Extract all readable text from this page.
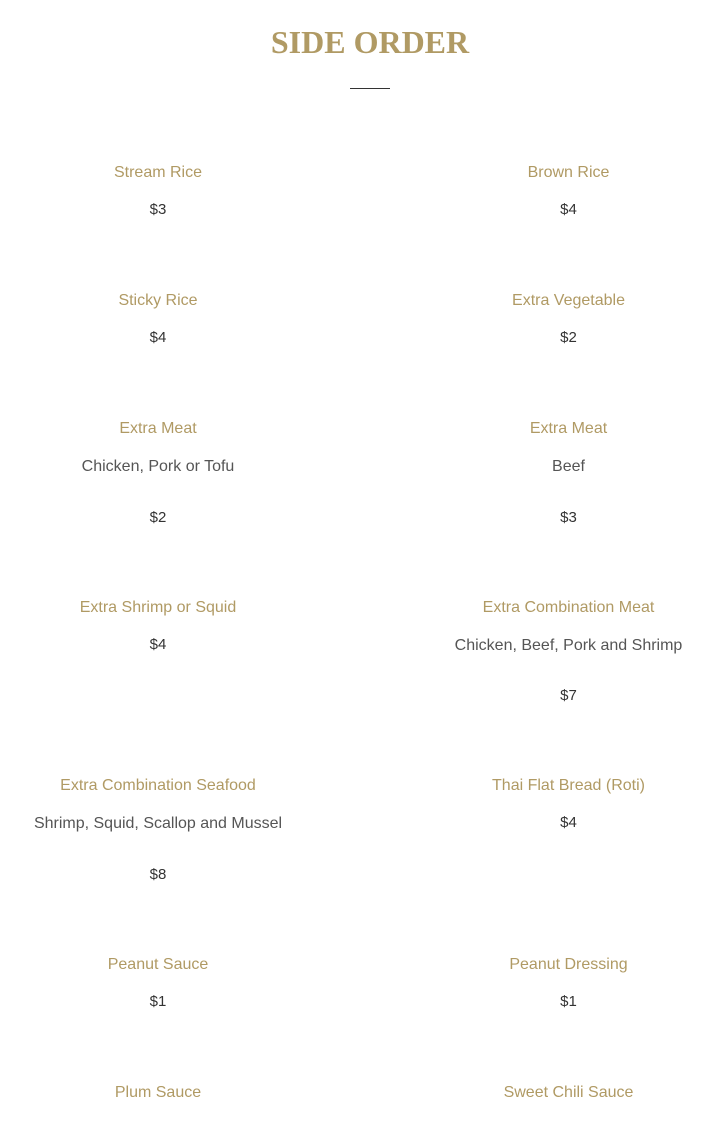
SIDE ORDER
Stream Rice
$3
Brown Rice
$4
Sticky Rice
$4
Extra Vegetable
$2
Extra Meat
Chicken, Pork or Tofu
$2
Extra Meat
Beef
$3
Extra Shrimp or Squid
$4
Extra Combination Meat
Chicken, Beef, Pork and Shrimp
$7
Extra Combination Seafood
Shrimp, Squid, Scallop and Mussel
$8
Thai Flat Bread (Roti)
$4
Peanut Sauce
$1
Peanut Dressing
$1
Plum Sauce	Sweet Chili Sauce
